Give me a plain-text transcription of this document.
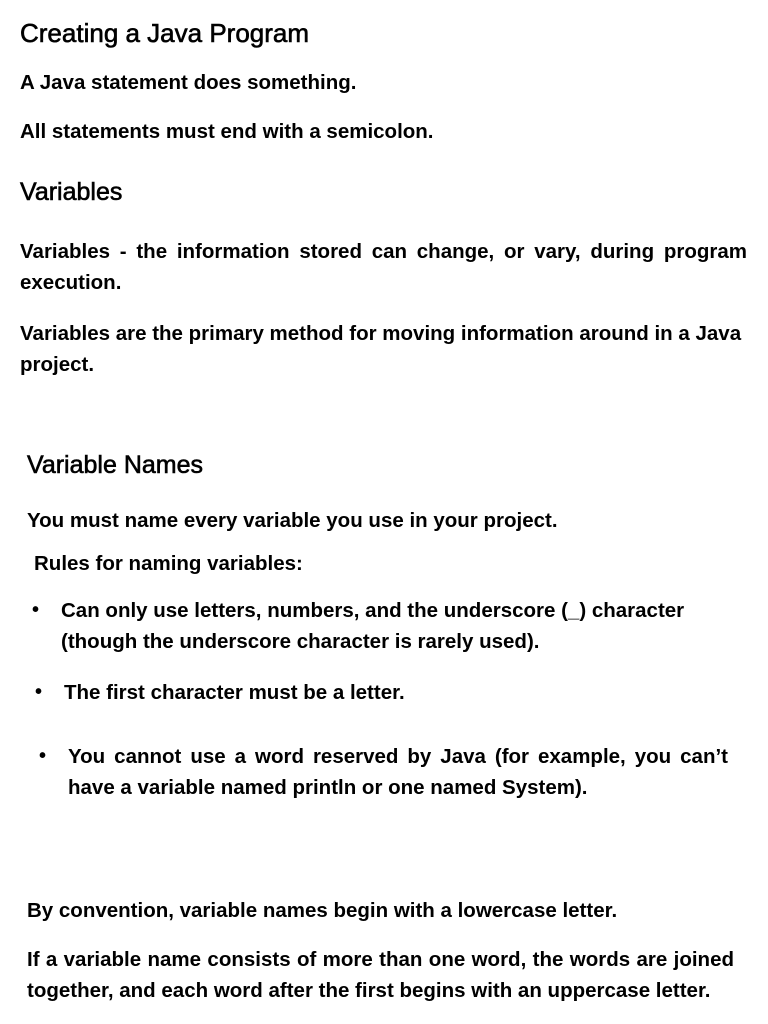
Creating a Java Program

A Java statement does something.

All statements must end with a semicolon.

Variables

Variables - the information stored can change, or vary, during program execution.

Variables are the primary method for moving information around in a Java project.

Variable Names

You must name every variable you use in your project.

Rules for naming variables:

• Can only use letters, numbers, and the underscore (_) character (though the underscore character is rarely used).

• The first character must be a letter.

• You cannot use a word reserved by Java (for example, you can’t have a variable named println or one named System).

By convention, variable names begin with a lowercase letter.

If a variable name consists of more than one word, the words are joined together, and each word after the first begins with an uppercase letter.
